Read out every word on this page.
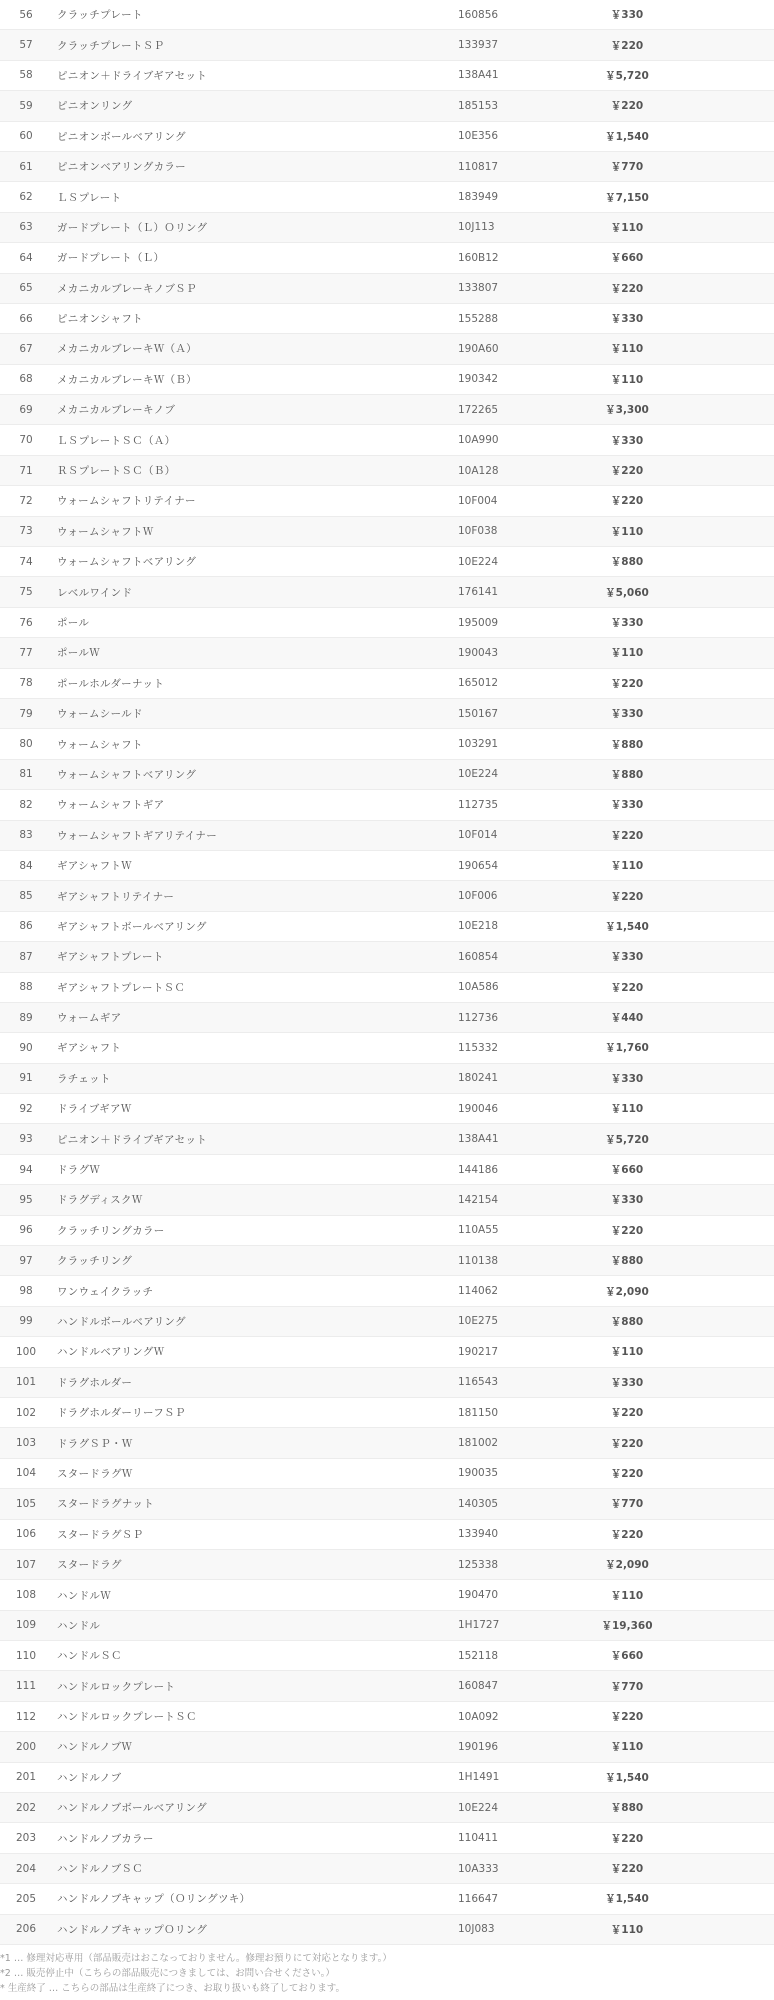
56	クラッチプレート	160856	￥330
57	クラッチプレートＳＰ	133937	￥220
58	ピニオン＋ドライブギアセット	138A41	￥5,720
59	ピニオンリング	185153	￥220
60	ピニオンボールベアリング	10E356	￥1,540
61	ピニオンベアリングカラー	110817	￥770
62	ＬＳプレート	183949	￥7,150
63	ガードプレート（Ｌ）Ｏリング	10J113	￥110
64	ガードプレート（Ｌ）	160B12	￥660
65	メカニカルブレーキノブＳＰ	133807	￥220
66	ピニオンシャフト	155288	￥330
67	メカニカルブレーキＷ（Ａ）	190A60	￥110
68	メカニカルブレーキＷ（Ｂ）	190342	￥110
69	メカニカルブレーキノブ	172265	￥3,300
70	ＬＳプレートＳＣ（Ａ）	10A990	￥330
71	ＲＳプレートＳＣ（Ｂ）	10A128	￥220
72	ウォームシャフトリテイナー	10F004	￥220
73	ウォームシャフトＷ	10F038	￥110
74	ウォームシャフトベアリング	10E224	￥880
75	レベルワインド	176141	￥5,060
76	ポール	195009	￥330
77	ポールＷ	190043	￥110
78	ポールホルダーナット	165012	￥220
79	ウォームシールド	150167	￥330
80	ウォームシャフト	103291	￥880
81	ウォームシャフトベアリング	10E224	￥880
82	ウォームシャフトギア	112735	￥330
83	ウォームシャフトギアリテイナー	10F014	￥220
84	ギアシャフトＷ	190654	￥110
85	ギアシャフトリテイナー	10F006	￥220
86	ギアシャフトボールベアリング	10E218	￥1,540
87	ギアシャフトプレート	160854	￥330
88	ギアシャフトプレートＳＣ	10A586	￥220
89	ウォームギア	112736	￥440
90	ギアシャフト	115332	￥1,760
91	ラチェット	180241	￥330
92	ドライブギアＷ	190046	￥110
93	ピニオン＋ドライブギアセット	138A41	￥5,720
94	ドラグＷ	144186	￥660
95	ドラグディスクＷ	142154	￥330
96	クラッチリングカラー	110A55	￥220
97	クラッチリング	110138	￥880
98	ワンウェイクラッチ	114062	￥2,090
99	ハンドルボールベアリング	10E275	￥880
100	ハンドルベアリングＷ	190217	￥110
101	ドラグホルダー	116543	￥330
102	ドラグホルダーリーフＳＰ	181150	￥220
103	ドラグＳＰ・Ｗ	181002	￥220
104	スタードラグＷ	190035	￥220
105	スタードラグナット	140305	￥770
106	スタードラグＳＰ	133940	￥220
107	スタードラグ	125338	￥2,090
108	ハンドルＷ	190470	￥110
109	ハンドル	1H1727	￥19,360
110	ハンドルＳＣ	152118	￥660
111	ハンドルロックプレート	160847	￥770
112	ハンドルロックプレートＳＣ	10A092	￥220
200	ハンドルノブＷ	190196	￥110
201	ハンドルノブ	1H1491	￥1,540
202	ハンドルノブボールベアリング	10E224	￥880
203	ハンドルノブカラー	110411	￥220
204	ハンドルノブＳＣ	10A333	￥220
205	ハンドルノブキャップ（Ｏリングツキ）	116647	￥1,540
206	ハンドルノブキャップＯリング	10J083	￥110
*1 … 修理対応専用（部品販売はおこなっておりません。修理お預りにて対応となります。）
*2 … 販売停止中（こちらの部品販売につきましては、お問い合せください。）
* 生産終了 … こちらの部品は生産終了につき、お取り扱いも終了しております。
